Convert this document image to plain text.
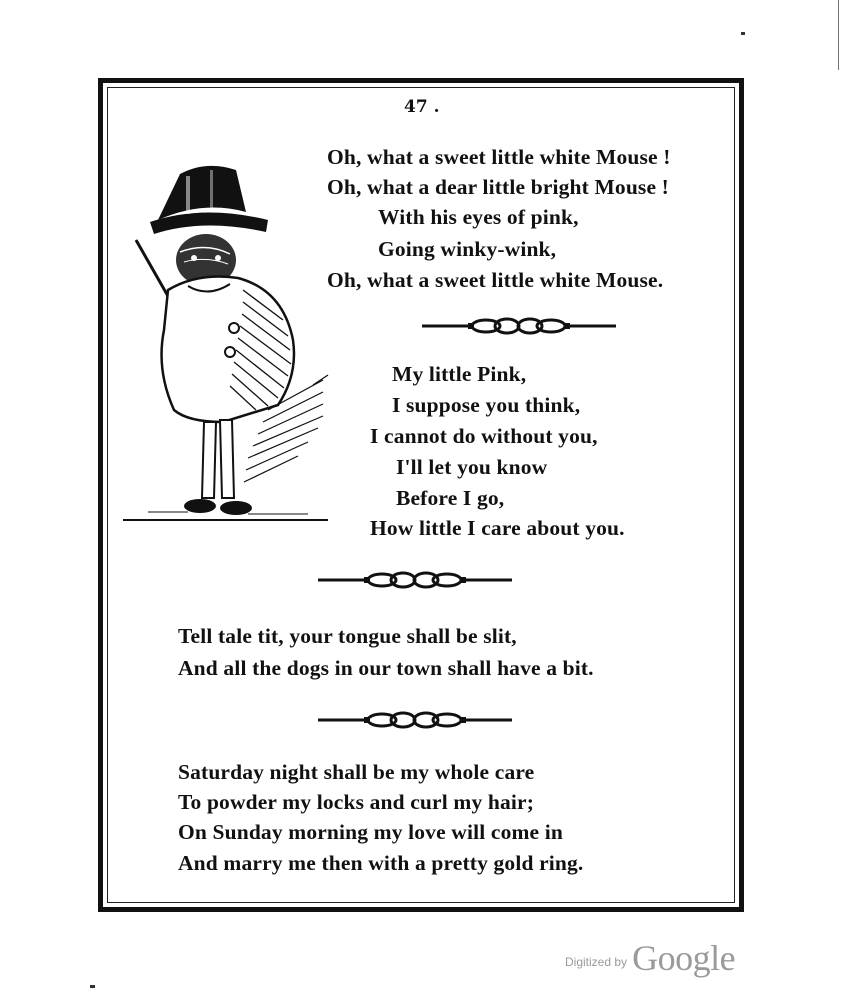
47 .
Oh, what a sweet little white Mouse !
Oh, what a dear little bright Mouse !
With his eyes of pink,
Going winky-wink,
Oh, what a sweet little white Mouse.
My little Pink,
I suppose you think,
I cannot do without you,
I'll let you know
Before I go,
How little I care about you.
Tell tale tit, your tongue shall be slit,
And all the dogs in our town shall have a bit.
Saturday night shall be my whole care
To powder my locks and curl my hair;
On Sunday morning my love will come in
And marry me then with a pretty gold ring.
$^{Digitized by}$ Google
